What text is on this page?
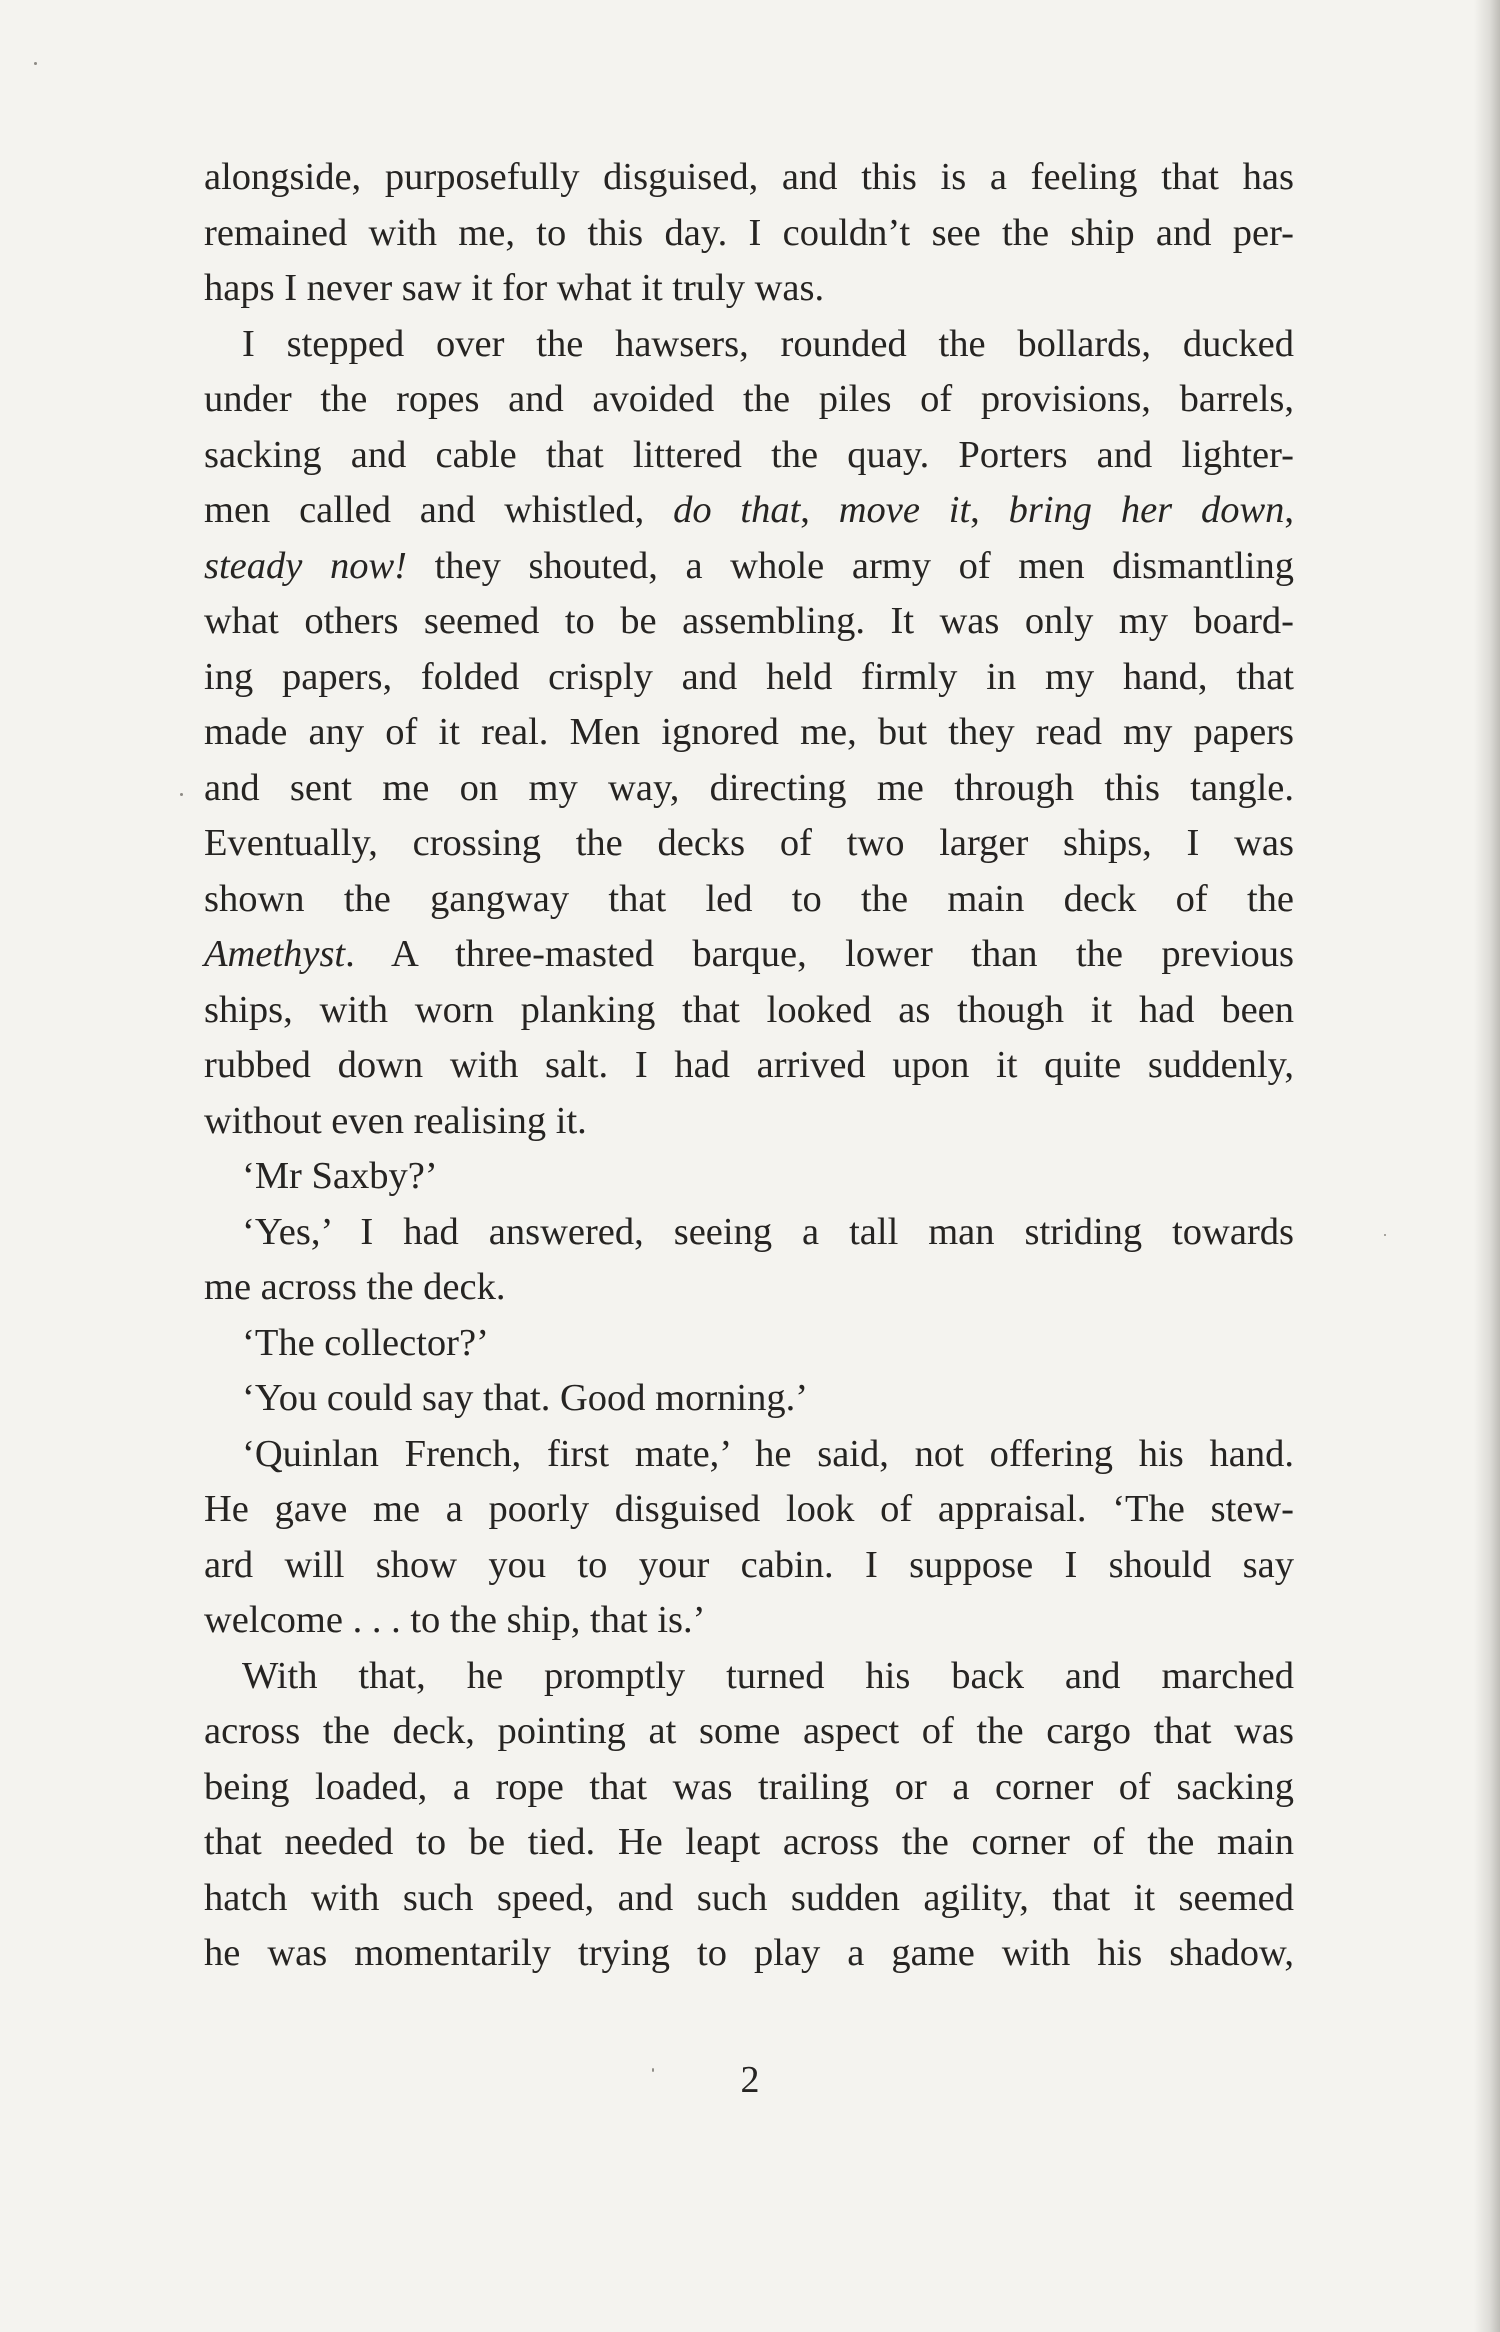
alongside, purposefully disguised, and this is a feeling that has
remained with me, to this day. I couldn’t see the ship and per-
haps I never saw it for what it truly was.
I stepped over the hawsers, rounded the bollards, ducked
under the ropes and avoided the piles of provisions, barrels,
sacking and cable that littered the quay. Porters and lighter-
men called and whistled, do that, move it, bring her down,
steady now! they shouted, a whole army of men dismantling
what others seemed to be assembling. It was only my board-
ing papers, folded crisply and held firmly in my hand, that
made any of it real. Men ignored me, but they read my papers
and sent me on my way, directing me through this tangle.
Eventually, crossing the decks of two larger ships, I was
shown the gangway that led to the main deck of the
Amethyst. A three-masted barque, lower than the previous
ships, with worn planking that looked as though it had been
rubbed down with salt. I had arrived upon it quite suddenly,
without even realising it.
‘Mr Saxby?’
‘Yes,’ I had answered, seeing a tall man striding towards
me across the deck.
‘The collector?’
‘You could say that. Good morning.’
‘Quinlan French, first mate,’ he said, not offering his hand.
He gave me a poorly disguised look of appraisal. ‘The stew-
ard will show you to your cabin. I suppose I should say
welcome . . . to the ship, that is.’
With that, he promptly turned his back and marched
across the deck, pointing at some aspect of the cargo that was
being loaded, a rope that was trailing or a corner of sacking
that needed to be tied. He leapt across the corner of the main
hatch with such speed, and such sudden agility, that it seemed
he was momentarily trying to play a game with his shadow,
2
